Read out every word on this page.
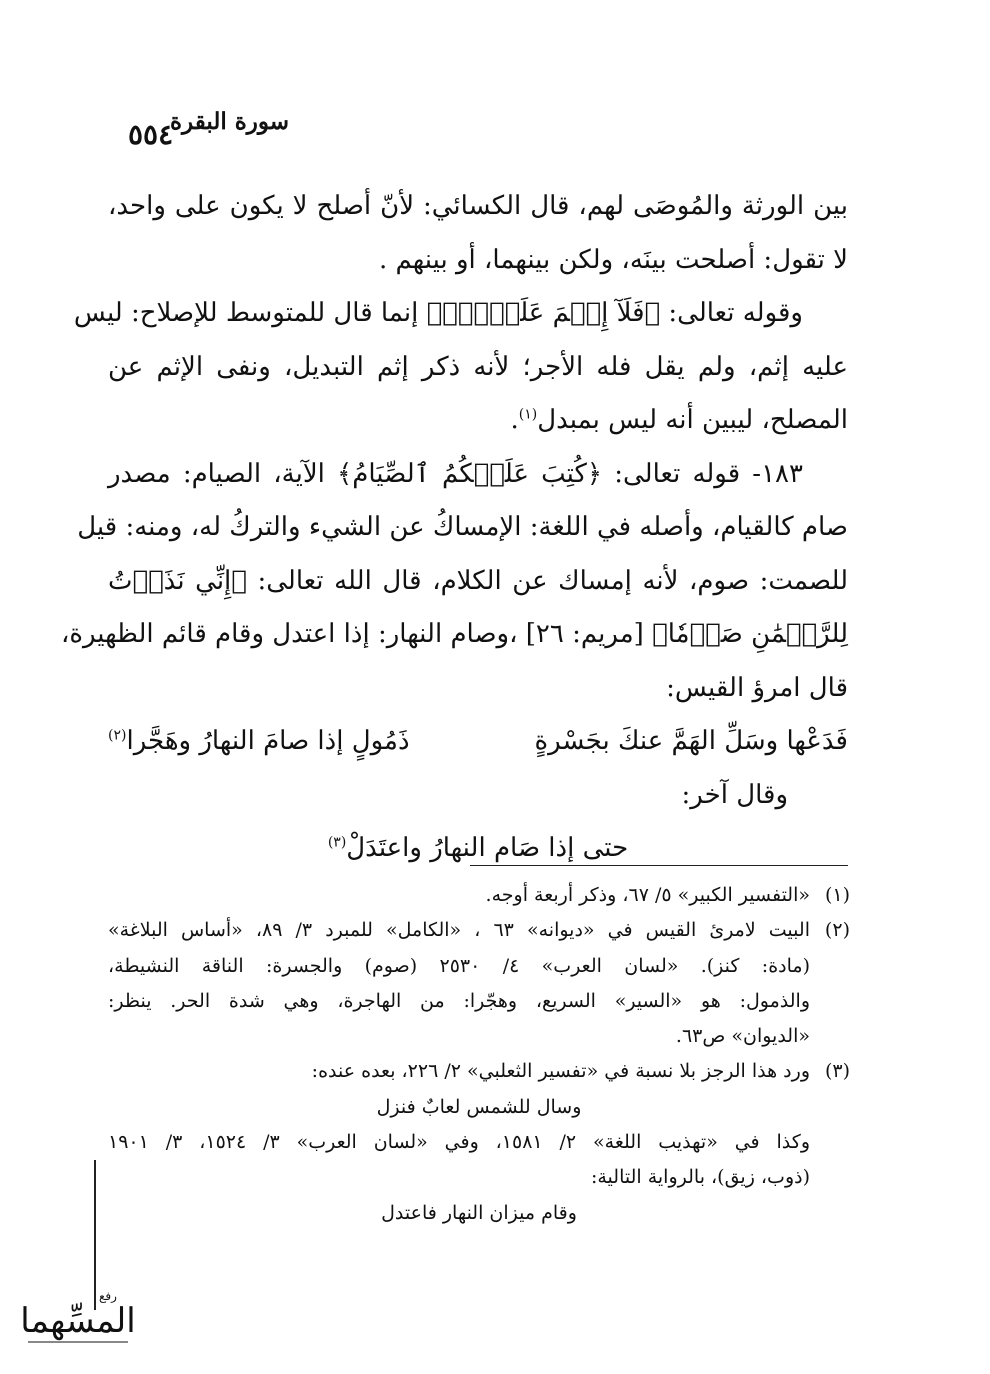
٥٥٤
سورة البقرة
بين الورثة والمُوصَى لهم، قال الكسائي: لأنّ أصلح لا يكون على واحد،
لا تقول: أصلحت بينَه، ولكن بينهما، أو بينهم .
وقوله تعالى: ﴿فَلَآ إِثۡمَ عَلَيۡهِۚ﴾ إنما قال للمتوسط للإصلاح: ليس
عليه إثم، ولم يقل فله الأجر؛ لأنه ذكر إثم التبديل، ونفى الإثم عن
المصلح، ليبين أنه ليس بمبدل$^{(١)}$.
١٨٣- قوله تعالى: ﴿كُتِبَ عَلَيۡكُمُ ٱلصِّيَامُ﴾ الآية، الصيام: مصدر
صام كالقيام، وأصله في اللغة: الإمساكُ عن الشيء والتركُ له، ومنه: قيل
للصمت: صوم، لأنه إمساك عن الكلام، قال الله تعالى: ﴿إِنِّي نَذَرۡتُ
لِلرَّحۡمَٰنِ صَوۡمٗا﴾ [مريم: ٢٦] ،وصام النهار: إذا اعتدل وقام قائم الظهيرة،
قال امرؤ القيس:
فَدَعْها وسَلِّ الهَمَّ عنكَ بجَسْرةٍ
ذَمُولٍ إذا صامَ النهارُ وهَجَّرا$^{(٢)}$
وقال آخر:
حتى إذا صَام النهارُ واعتَدَلْ$^{(٣)}$
(١)«التفسير الكبير» ٥/ ٦٧، وذكر أربعة أوجه.
(٢)البيت لامرئ القيس في «ديوانه» ٦٣ ، «الكامل» للمبرد ٣/ ٨٩، «أساس البلاغة»
(مادة: كنز). «لسان العرب» ٤/ ٢٥٣٠ (صوم) والجسرة: الناقة النشيطة،
والذمول: هو «السير» السريع، وهجّرا: من الهاجرة، وهي شدة الحر. ينظر:
«الديوان» ص٦٣.
(٣)ورد هذا الرجز بلا نسبة في «تفسير الثعلبي» ٢/ ٢٢٦، بعده عنده:
وسال للشمس لعابٌ فنزل
وكذا في «تهذيب اللغة» ٢/ ١٥٨١، وفي «لسان العرب» ٣/ ١٥٢٤، ٣/ ١٩٠١
(ذوب، زيق)، بالرواية التالية:
وقام ميزان النهار فاعتدل
المسِّهما
رفع
